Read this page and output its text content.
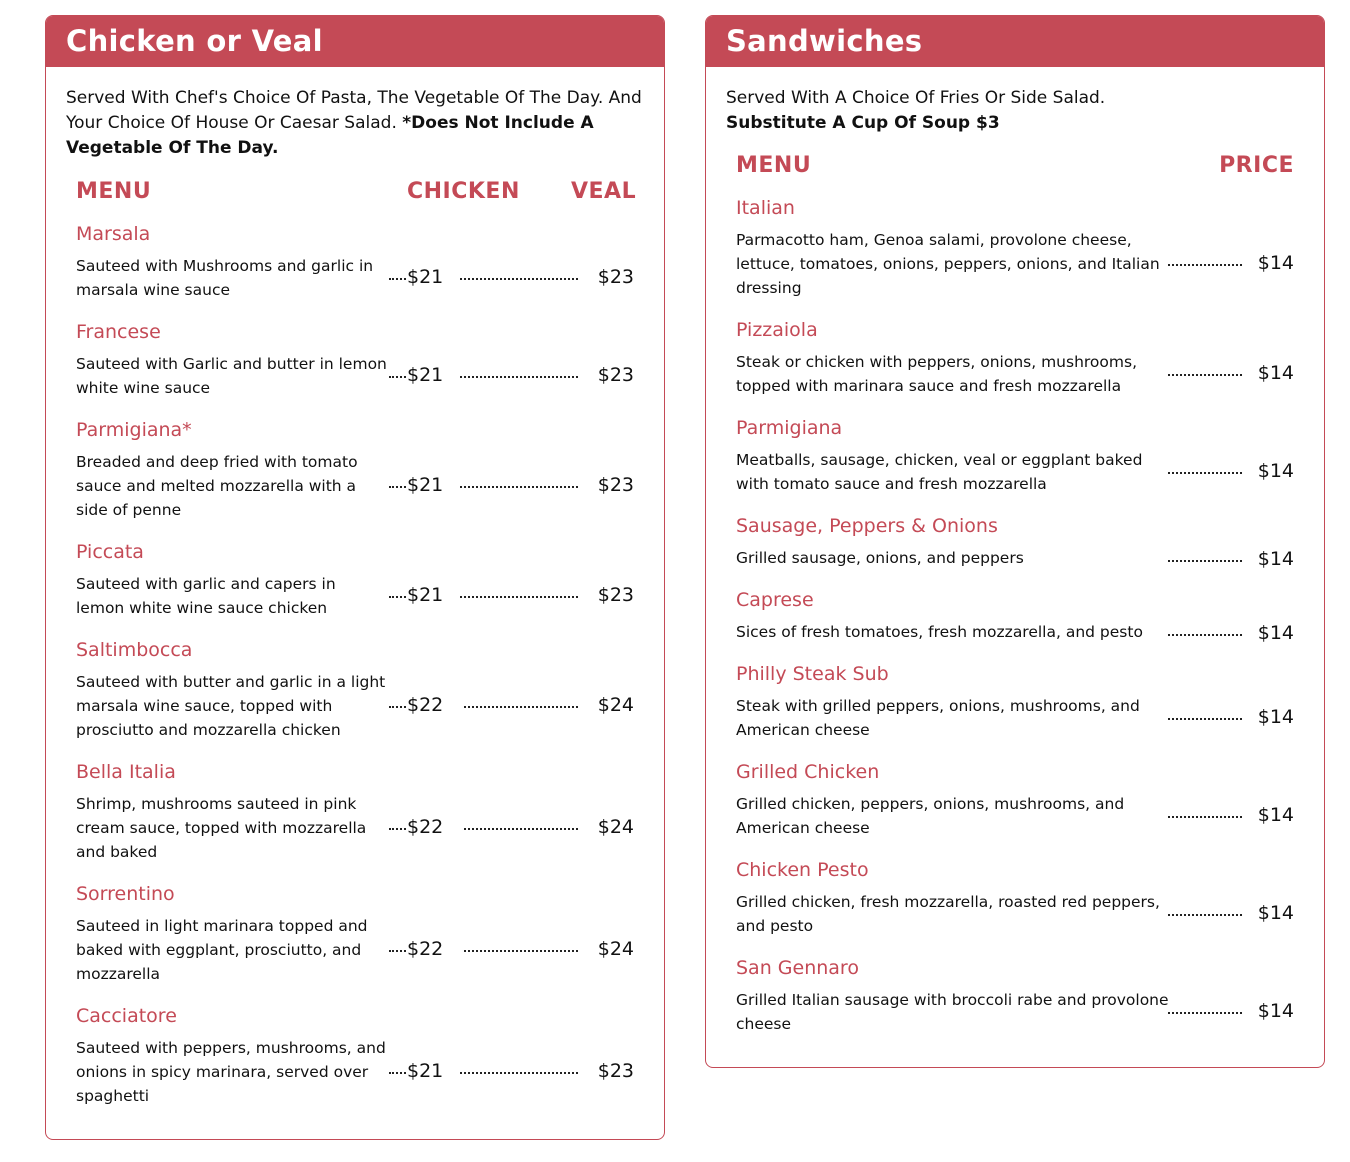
Chicken or Veal
Served With Chef's Choice Of Pasta, The Vegetable Of The Day. And Your Choice Of House Or Caesar Salad. *Does Not Include A Vegetable Of The Day.
MENU	CHICKEN VEAL
Marsala
Sauteed with Mushrooms and garlic in marsala wine sauce
$21	$23
Francese
Sauteed with Garlic and butter in lemon white wine sauce
$21	$23
Parmigiana*
Breaded and deep fried with tomato sauce and melted mozzarella with a side of penne
$21	$23
Piccata
Sauteed with garlic and capers in lemon white wine sauce chicken
$21	$23
Saltimbocca
Sauteed with butter and garlic in a light marsala wine sauce, topped with prosciutto and mozzarella chicken
$22	$24
Bella Italia
Shrimp, mushrooms sauteed in pink cream sauce, topped with mozzarella and baked
$22	$24
Sorrentino
Sauteed in light marinara topped and baked with eggplant, prosciutto, and mozzarella
$22	$24
Cacciatore
Sauteed with peppers, mushrooms, and onions in spicy marinara, served over spaghetti
$21	$23
Sandwiches
Served With A Choice Of Fries Or Side Salad.
Substitute A Cup Of Soup $3
MENU	PRICE
Italian
Parmacotto ham, Genoa salami, provolone cheese, lettuce, tomatoes, onions, peppers, onions, and Italian dressing
$14
Pizzaiola
Steak or chicken with peppers, onions, mushrooms, topped with marinara sauce and fresh mozzarella
$14
Parmigiana
Meatballs, sausage, chicken, veal or eggplant baked with tomato sauce and fresh mozzarella
$14
Sausage, Peppers & Onions
Grilled sausage, onions, and peppers	$14
Caprese
Sices of fresh tomatoes, fresh mozzarella, and pesto	$14
Philly Steak Sub
Steak with grilled peppers, onions, mushrooms, and American cheese
$14
Grilled Chicken
Grilled chicken, peppers, onions, mushrooms, and American cheese
$14
Chicken Pesto
Grilled chicken, fresh mozzarella, roasted red peppers, and pesto
$14
San Gennaro
Grilled Italian sausage with broccoli rabe and provolone cheese
$14
